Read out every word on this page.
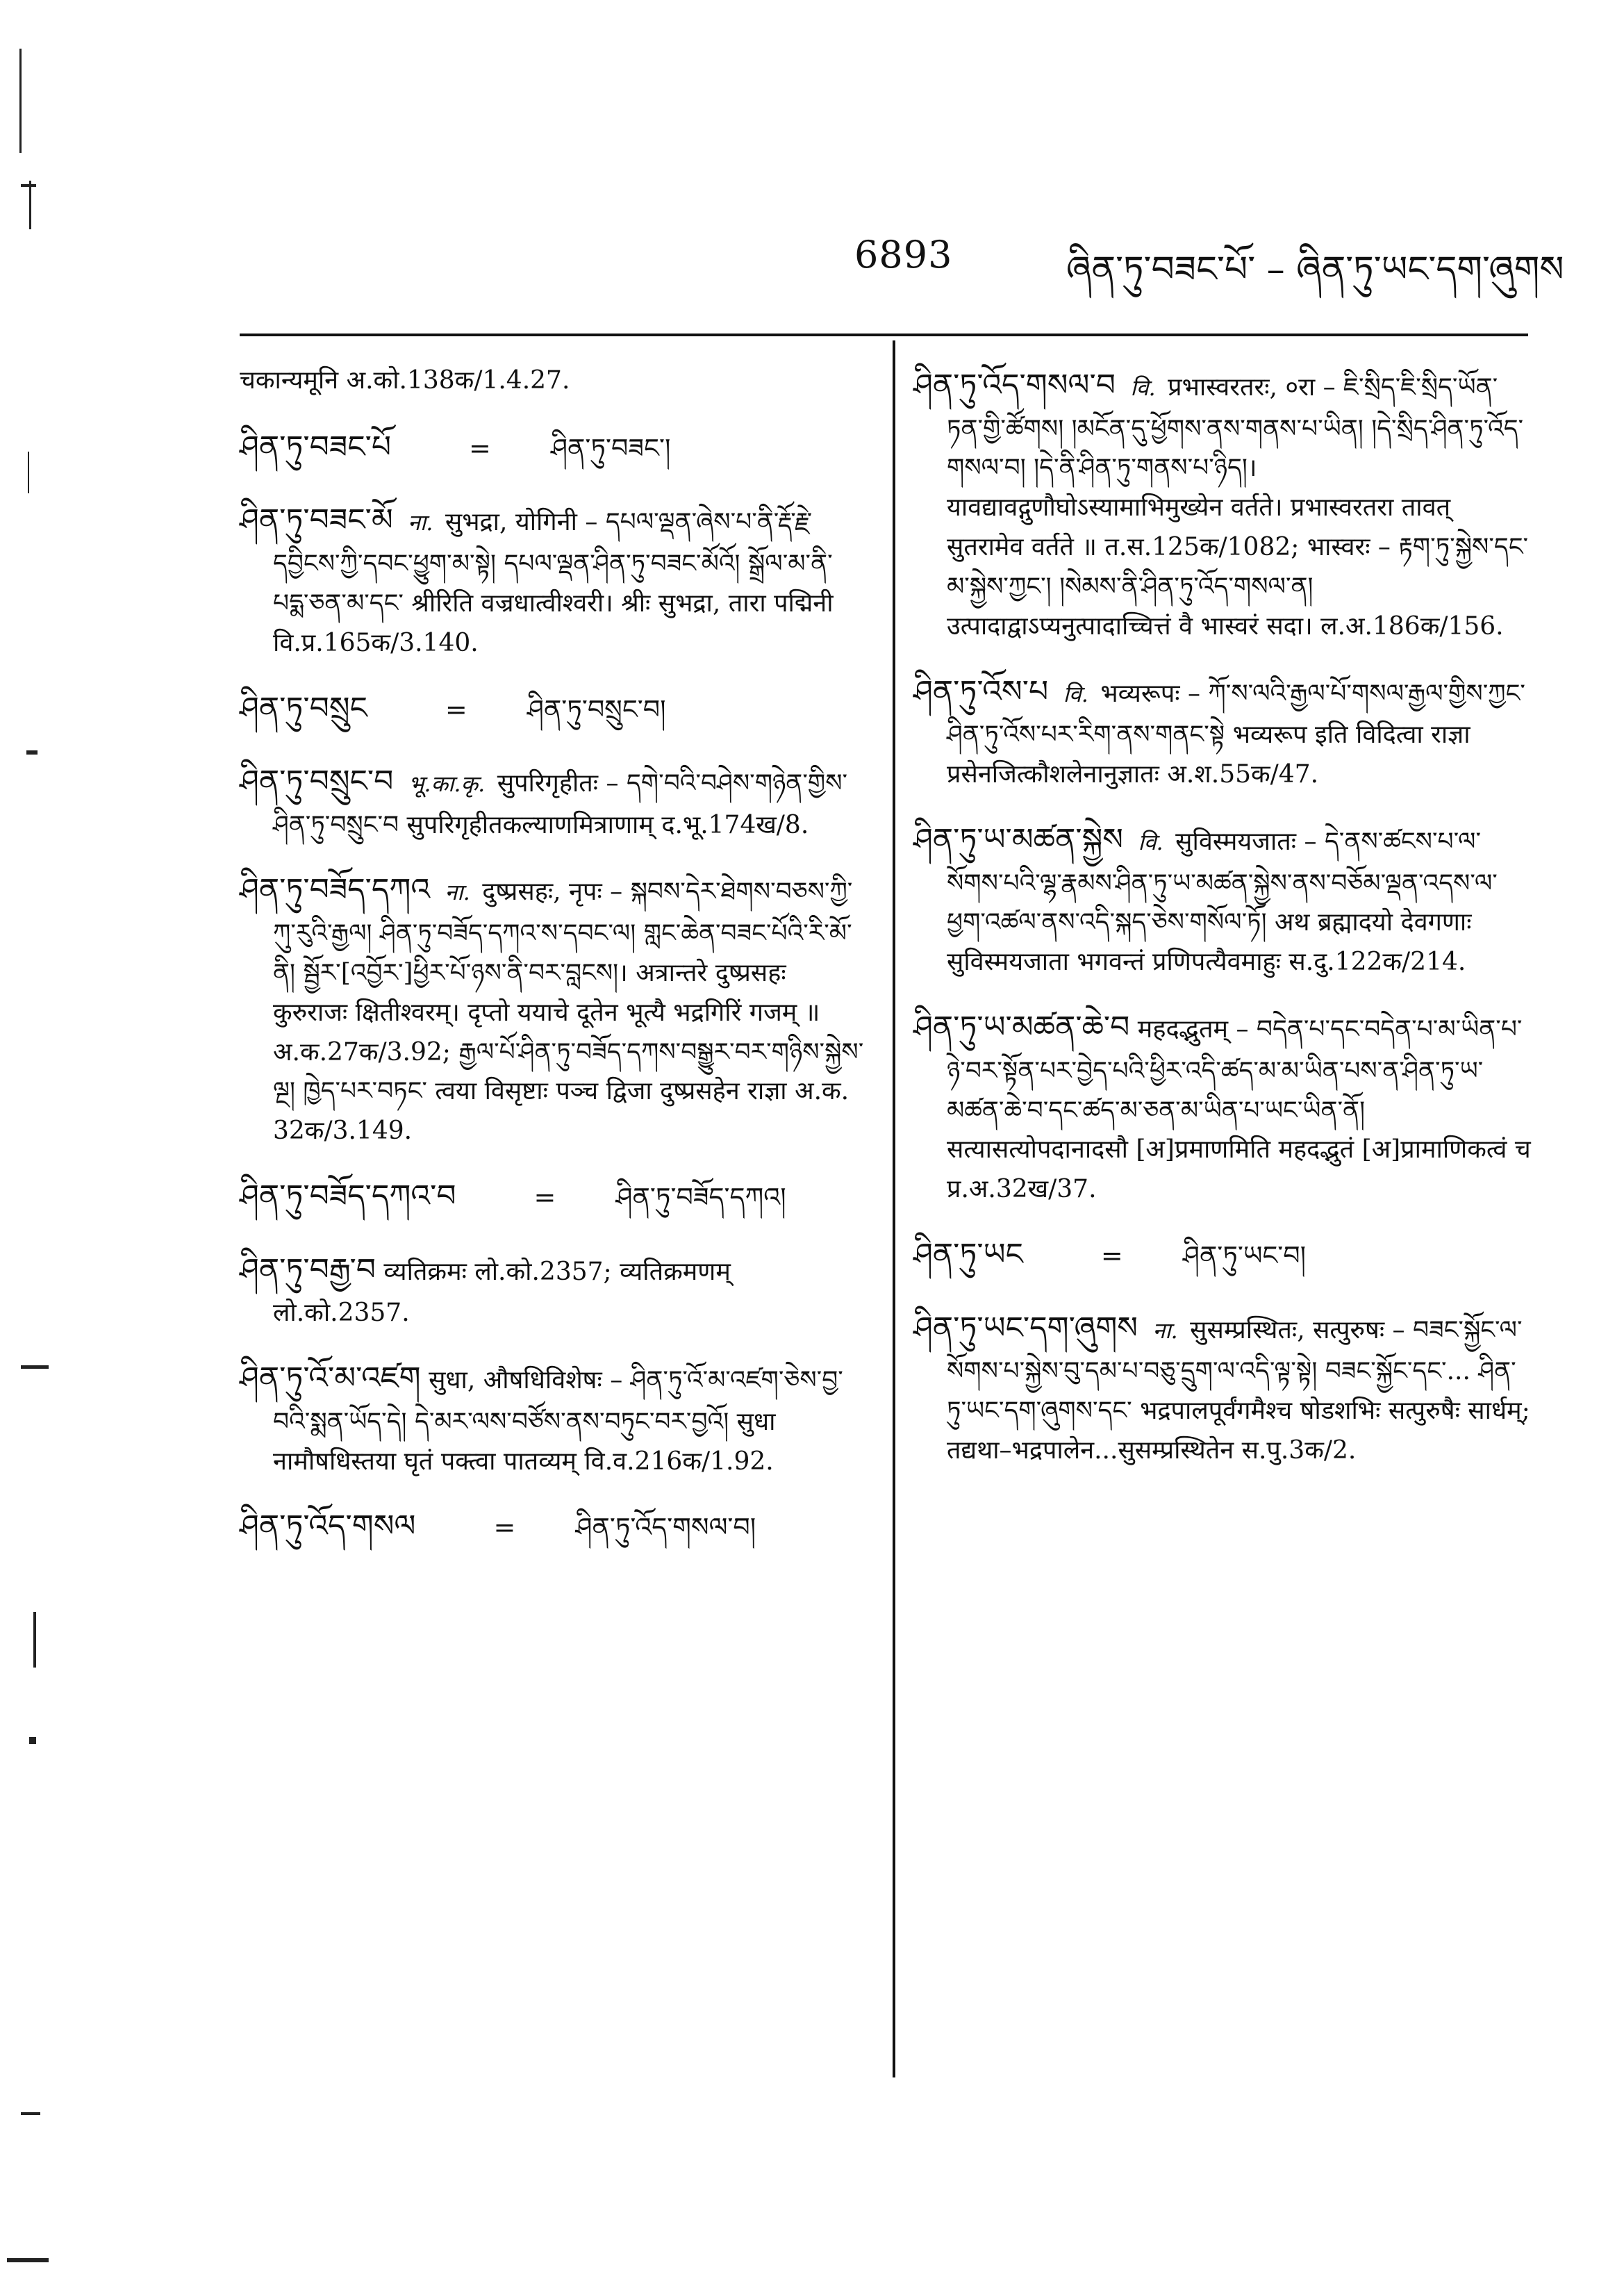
6893	ཞིན་ཏུ་བཟང་པོ་ – ཞིན་ཏུ་ཡང་དག་ཞུགས
चकान्यमूनि अ.को.138क/1.4.27.
ཤིན་ཏུ་བཟང་པོ	= ཤིན་ཏུ་བཟང་།
ཤིན་ཏུ་བཟང་མོ ना. सुभद्रा, योगिनी – དཔལ་ལྡན་ཞེས་པ་ནི་རྡོ་རྗེ་དབྱིངས་ཀྱི་དབང་ཕྱུག་མ་སྟེ། དཔལ་ལྡན་ཤིན་ཏུ་བཟང་མོའོ། སྒྲོལ་མ་ནི་པདྨ་ཅན་མ་དང་ श्रीरिति वज्रधात्वीश्वरी। श्रीः सुभद्रा, तारा पद्मिनी वि.प्र.165क/3.140.
ཤིན་ཏུ་བསྲུང	= ཤིན་ཏུ་བསྲུང་བ།
ཤིན་ཏུ་བསྲུང་བ भू.का.कृ. सुपरिगृहीतः – དགེ་བའི་བཤེས་གཉེན་གྱིས་ཤིན་ཏུ་བསྲུང་བ सुपरिगृहीतकल्याणमित्राणाम् द.भू.174ख/8.
ཤིན་ཏུ་བཟོད་དཀའ ना. दुष्प्रसहः, नृपः – སྐབས་དེར་ཐེགས་བཅས་ཀྱི་ཀུ་རུའི་རྒྱལ། ཤིན་ཏུ་བཟོད་དཀའ་ས་དབང་ལ། གླང་ཆེན་བཟང་པོའི་རི་མོ་ནི། སྦྱོར་[འབྱོར་]ཕྱིར་པོ་ཉས་ནི་བར་བླངས།। अत्रान्तरे दुष्प्रसहः कुरुराजः क्षितीश्वरम्। दृप्तो ययाचे दूतेन भूत्यै भद्रगिरिं गजम् ॥ अ.क.27क/3.92; རྒྱལ་པོ་ཤིན་ཏུ་བཟོད་དཀས་བསྒྱུར་བར་གཉིས་སྐྱེས་ལྔ། ཁྱེད་པར་བཏང་ त्वया विसृष्टाः पञ्च द्विजा दुष्प्रसहेन राज्ञा अ.क. 32क/3.149.
ཤིན་ཏུ་བཟོད་དཀའ་བ	= ཤིན་ཏུ་བཟོད་དཀའ།
ཤིན་ཏུ་བརྒྱ་བ व्यतिक्रमः लो.को.2357; व्यतिक्रमणम् लो.को.2357.
ཤིན་ཏུ་འོ་མ་འཛག सुधा, औषधिविशेषः – ཤིན་ཏུ་འོ་མ་འཛག་ཅེས་བྱ་བའི་སྨན་ཡོད་དེ། དེ་མར་ལས་བཙོས་ནས་བཏུང་བར་བྱའོ། सुधा नामौषधिस्तया घृतं पक्त्वा पातव्यम् वि.व.216क/1.92.
ཤིན་ཏུ་འོད་གསལ	= ཤིན་ཏུ་འོད་གསལ་བ།
ཤིན་ཏུ་འོད་གསལ་བ वि. प्रभास्वरतरः, ०रा – ཇི་སྲིད་ཇི་སྲིད་ཡོན་ཏན་གྱི་ཚོགས། །མངོན་དུ་ཕྱོགས་ནས་གནས་པ་ཡིན། །དེ་སྲིད་ཤིན་ཏུ་འོད་གསལ་བ། །དེ་ནི་ཤིན་ཏུ་གནས་པ་ཉིད།। यावद्यावद्गुणौघोऽस्यामाभिमुख्येन वर्तते। प्रभास्वरतरा तावत् सुतरामेव वर्तते ॥ त.स.125क/1082; भास्वरः – རྟག་ཏུ་སྐྱེས་དང་མ་སྐྱེས་ཀྱང་། །སེམས་ནི་ཤིན་ཏུ་འོད་གསལ་ན། उत्पादाद्वाऽप्यनुत्पादाच्चित्तं वै भास्वरं सदा। ल.अ.186क/156.
ཤིན་ཏུ་འོས་པ वि. भव्यरूपः – ཀོ་ས་ལའི་རྒྱལ་པོ་གསལ་རྒྱལ་གྱིས་ཀྱང་ཤིན་ཏུ་འོས་པར་རིག་ནས་གནང་སྟེ भव्यरूप इति विदित्वा राज्ञा प्रसेनजित्कौशलेनानुज्ञातः अ.श.55क/47.
ཤིན་ཏུ་ཡ་མཚན་སྐྱེས वि. सुविस्मयजातः – དེ་ནས་ཚངས་པ་ལ་སོགས་པའི་ལྷ་རྣམས་ཤིན་ཏུ་ཡ་མཚན་སྐྱེས་ནས་བཅོམ་ལྡན་འདས་ལ་ཕྱག་འཚལ་ནས་འདི་སྐད་ཅེས་གསོལ་ཏོ། अथ ब्रह्मादयो देवगणाः सुविस्मयजाता भगवन्तं प्रणिपत्यैवमाहुः स.दु.122क/214.
ཤིན་ཏུ་ཡ་མཚན་ཆེ་བ महदद्भुतम् – བདེན་པ་དང་བདེན་པ་མ་ཡིན་པ་ཉེ་བར་སྟོན་པར་བྱེད་པའི་ཕྱིར་འདི་ཚད་མ་མ་ཡིན་པས་ན་ཤིན་ཏུ་ཡ་མཚན་ཆེ་བ་དང་ཚད་མ་ཅན་མ་ཡིན་པ་ཡང་ཡིན་ནོ། सत्यासत्योपदानादसौ [अ]प्रमाणमिति महदद्भुतं [अ]प्रामाणिकत्वं च प्र.अ.32ख/37.
ཤིན་ཏུ་ཡང	= ཤིན་ཏུ་ཡང་བ།
ཤིན་ཏུ་ཡང་དག་ཞུགས ना. सुसम्प्रस्थितः, सत्पुरुषः – བཟང་སྐྱོང་ལ་སོགས་པ་སྐྱེས་བུ་དམ་པ་བཅུ་དྲུག་ལ་འདི་ལྟ་སྟེ། བཟང་སྐྱོང་དང་... ཤིན་ཏུ་ཡང་དག་ཞུགས་དང་ भद्रपालपूर्वंगमैश्च षोडशभिः सत्पुरुषैः सार्धम्; तद्यथा–भद्रपालेन...सुसम्प्रस्थितेन स.पु.3क/2.
